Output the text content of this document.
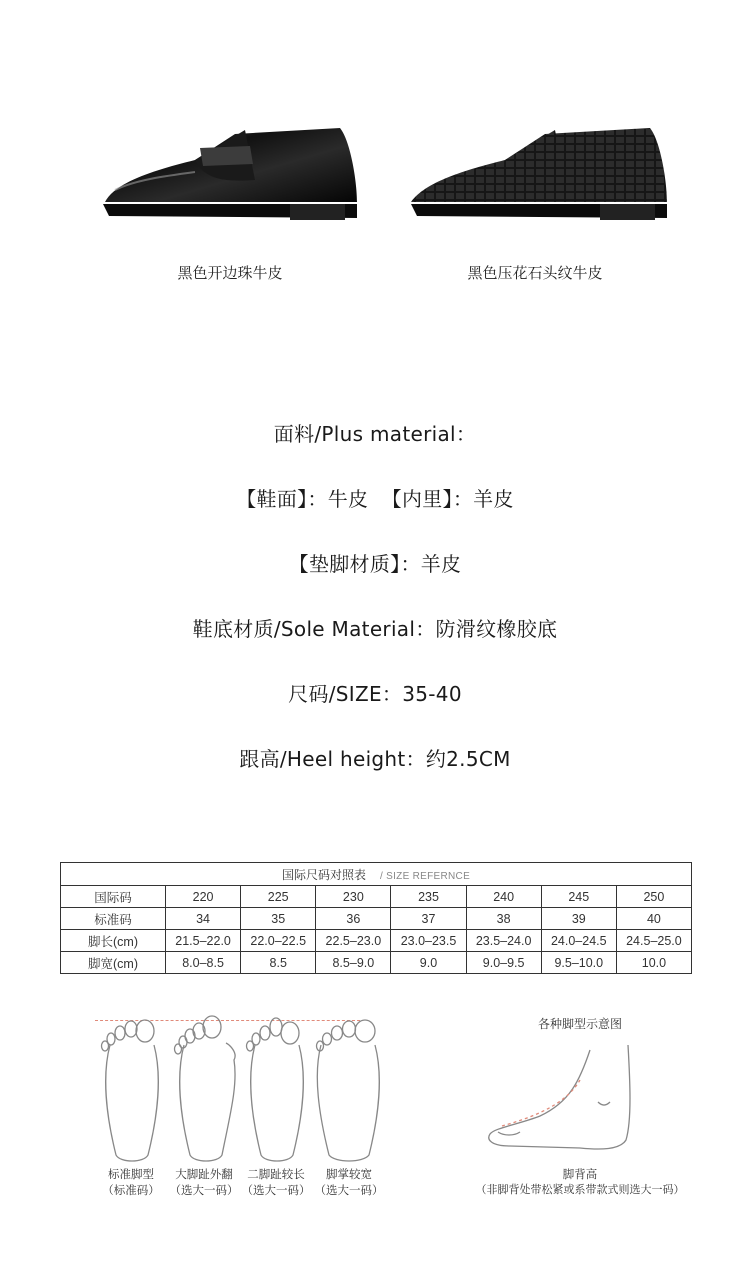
黑色开边珠牛皮	黑色压花石头纹牛皮
面料/Plus material：
【鞋面】：牛皮  【内里】：羊皮
【垫脚材质】：羊皮
鞋底材质/Sole Material：防滑纹橡胶底
尺码/SIZE：35-40
跟高/Heel height：约2.5CM
国际尺码对照表 / SIZE REFERNCE							
国际码	220	225	230	235	240	245	250
标准码	34	35	36	37	38	39	40
脚长(cm)	21.5–22.0	22.0–22.5	22.5–23.0	23.0–23.5	23.5–24.0	24.0–24.5	24.5–25.0
脚宽(cm)	8.0–8.5	8.5	8.5–9.0	9.0	9.0–9.5	9.5–10.0	10.0
标准脚型
（标准码）
大脚趾外翻
（选大一码）
二脚趾较长
（选大一码）
脚掌较宽
（选大一码）
各种脚型示意图
脚背高
（非脚背处带松紧或系带款式则选大一码）
